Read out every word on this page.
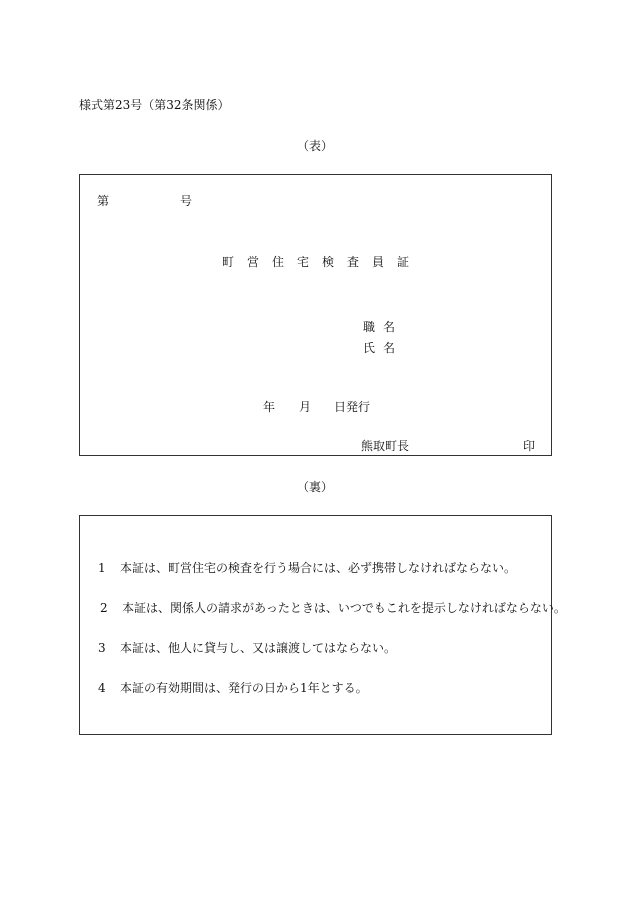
様式第23号（第32条関係）
（表）
第	号
町営住宅検査員証
職名
氏名
年 月 日発行
熊取町長	印
（裏）
1 本証は、町営住宅の検査を行う場合には、必ず携帯しなければならない。
2 本証は、関係人の請求があったときは、いつでもこれを提示しなければならない。
3 本証は、他人に貸与し、又は譲渡してはならない。
4 本証の有効期間は、発行の日から1年とする。
